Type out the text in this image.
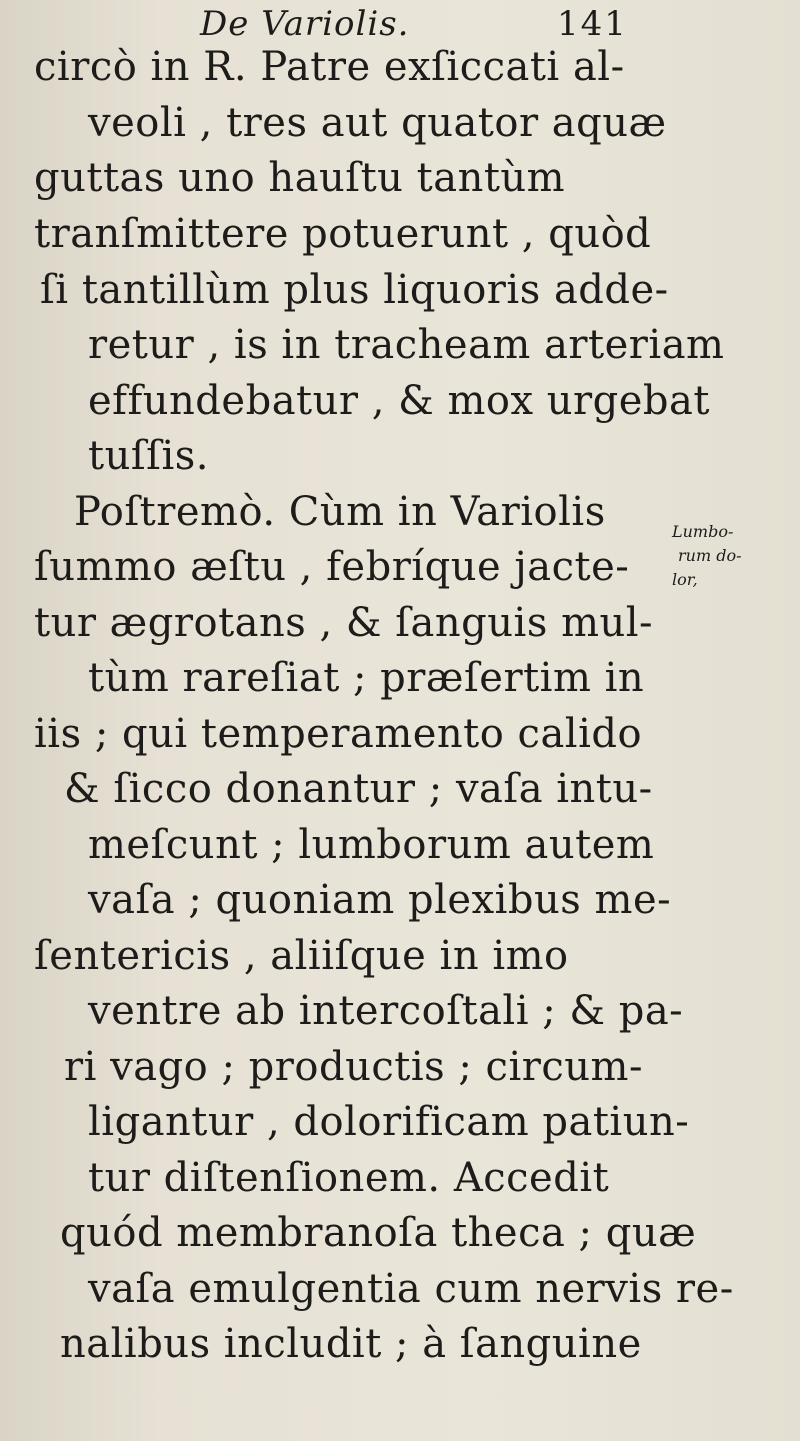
De Variolis.	141
circò in R. Patre exſiccati al-
veoli , tres aut quator aquæ
guttas uno hauſtu tantùm
tranſmittere potuerunt , quòd
ſi tantillùm plus liquoris adde-
retur , is in tracheam arteriam
effundebatur , & mox urgebat
tuſſis.
Poſtremò. Cùm in Variolis
ſummo æſtu , febríque jacte-
tur ægrotans , & ſanguis mul-
tùm rareſiat ; præſertim in
iis ; qui temperamento calido
& ſicco donantur ; vaſa intu-
meſcunt ; lumborum autem
vaſa ; quoniam plexibus me-
ſentericis , aliiſque in imo
ventre ab intercoſtali ; & pa-
ri vago ; productis ; circum-
ligantur , dolorificam patiun-
tur diſtenſionem. Accedit
quód membranoſa theca ; quæ
vaſa emulgentia cum nervis re-
nalibus includit ; à ſanguine
Lumbo-
rum do-
lor,
